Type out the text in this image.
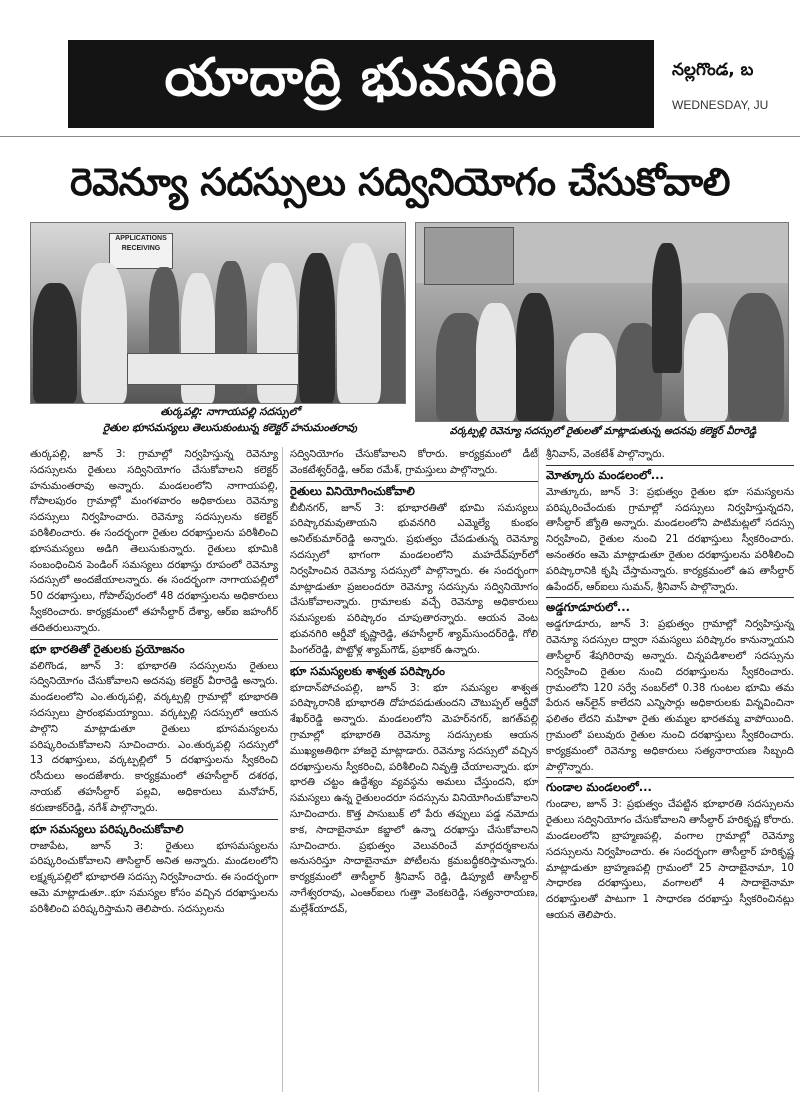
యాదాద్రి భువనగిరి	నల్లగొండ, బ
WEDNESDAY, JU
రెవెన్యూ సదస్సులు సద్వినియోగం చేసుకోవాలి
APPLICATIONS
RECEIVING
తుర్కపల్లి: నాగాయపల్లి సదస్సులో
రైతుల భూసమస్యలు తెలుసుకుంటున్న కలెక్టర్ హనుమంతరావు	వర్కట్పల్లి రెవెన్యూ సదస్సులో రైతులతో మాట్లాడుతున్న అదనపు కలెక్టర్ వీరారెడ్డి

తుర్కపల్లి, జూన్ 3: గ్రామాల్లో నిర్వహిస్తున్న రెవెన్యూ సదస్సులను రైతులు సద్వినియోగం చేసుకోవాలని కలెక్టర్ హనుమంతరావు అన్నారు. మండలంలోని నాగాయపల్లి, గోపాలపురం గ్రామాల్లో మంగళవారం అధికారులు రెవెన్యూ సదస్సులు నిర్వహించారు. రెవెన్యూ సదస్సులను కలెక్టర్ పరిశీలించారు. ఈ సందర్భంగా రైతుల దరఖాస్తులను పరిశీలించి భూసమస్యలు అడిగి తెలుసుకున్నారు. రైతులు భూమికి సంబంధించిన పెండింగ్ సమస్యలు దరఖాస్తు రూపంలో రెవెన్యూ సదస్సులో అందజేయాలన్నారు. ఈ సందర్భంగా నాగాయపల్లిలో 50 దరఖాస్తులు, గోపాల్‌పురంలో 48 దరఖాస్తులను అధికారులు స్వీకరించారు. కార్యక్రమంలో తహసీల్దార్ దేశ్యా, ఆర్ఐ జహంగీర్ తదితరులున్నారు.

భూ భారతితో రైతులకు ప్రయోజనం

వలిగొండ, జూన్ 3: భూభారతి సదస్సులను రైతులు సద్వినియోగం చేసుకోవాలని అదనపు కలెక్టర్ వీరారెడ్డి అన్నారు. మండలంలోని ఎం.తుర్కపల్లి, వర్కట్పల్లి గ్రామాల్లో భూభారతి సదస్సులు ప్రారంభమయ్యాయి. వర్కట్పల్లి సదస్సులో ఆయన పాల్గొని మాట్లాడుతూ రైతులు భూసమస్యలను పరిష్కరించుకోవాలని సూచించారు. ఎం.తుర్కపల్లి సదస్సులో 13 దరఖాస్తులు, వర్కట్పల్లిలో 5 దరఖాస్తులను స్వీకరించి రసీదులు అందజేశారు. కార్యక్రమంలో తహసీల్దార్ దశరథ, నాయబ్ తహసీల్దార్ పల్లవి, అధికారులు మనోహర్, కరుణాకర్‌రెడ్డి, నగేశ్ పాల్గొన్నారు.

భూ సమస్యలు పరిష్కరించుకోవాలి

రాజాపేట, జూన్ 3: రైతులు భూసమస్యలను పరిష్కరించుకోవాలని తాసిల్దార్ అనిత అన్నారు. మండలంలోని లక్ష్మక్కపల్లిలో భూభారతి సదస్సు నిర్వహించారు. ఈ సందర్భంగా ఆమె మాట్లాడుతూ..భూ సమస్యల కోసం వచ్చిన దరఖాస్తులను పరిశీలించి పరిష్కరిస్తామని తెలిపారు. సదస్సులను

సద్వినియోగం చేసుకోవాలని కోరారు. కార్యక్రమంలో డీటీ వెంకటేశ్వర్‌రెడ్డి, ఆర్ఐ రమేశ్, గ్రామస్తులు పాల్గొన్నారు.

రైతులు వినియోగించుకోవాలి

బీబీనగర్, జూన్ 3: భూభారతితో భూమి సమస్యలు పరిష్కారమవుతాయని భువనగిరి ఎమ్మెల్యే కుంభం అనిల్‌కుమార్‌రెడ్డి అన్నారు. ప్రభుత్వం చేపడుతున్న రెవెన్యూ సదస్సులో భాగంగా మండలంలోని మహదేవ్‌పూర్‌లో నిర్వహించిన రెవెన్యూ సదస్సులో పాల్గొన్నారు. ఈ సందర్భంగా మాట్లాడుతూ ప్రజలందరూ రెవెన్యూ సదస్సును సద్వినియోగం చేసుకోవాలన్నారు. గ్రామాలకు వచ్చే రెవెన్యూ అధికారులు సమస్యలకు పరిష్కారం చూపుతారన్నారు. ఆయన వెంట భువనగిరి ఆర్డీవో కృష్ణారెడ్డి, తహసీల్దార్ శ్యామ్‌సుందర్‌రెడ్డి, గోలి పింగల్‌రెడ్డి, పొట్టోళ్ల శ్యామ్‌గౌడ్, ప్రభాకర్ ఉన్నారు.

భూ సమస్యలకు శాశ్వత పరిష్కారం

భూదాన్‌పోచంపల్లి, జూన్ 3: భూ సమస్యల శాశ్వత పరిష్కారానికి భూభారతి దోహదపడుతుందని చౌటుప్పల్ ఆర్డీవో శేఖర్‌రెడ్డి అన్నారు. మండలంలోని మెహర్‌నగర్, జగత్‌పల్లి గ్రామాల్లో భూభారతి రెవెన్యూ సదస్సులకు ఆయన ముఖ్యఅతిథిగా హాజరై మాట్లాడారు. రెవెన్యూ సదస్సులో వచ్చిన దరఖాస్తులను స్వీకరించి, పరిశీలించి నివృత్తి చేయాలన్నారు. భూ భారతి చట్టం ఉద్దేశ్యం వ్యవస్థను అమలు చేస్తుందని, భూ సమస్యలు ఉన్న రైతులందరూ సదస్సును వినియోగించుకోవాలని సూచించారు. కొత్త పాసుబుక్ లో పేరు తప్పులు పడ్డ నమోదు కాక, సాదాబైనామా కబ్జాలో ఉన్నా దరఖాస్తు చేసుకోవాలని సూచించారు. ప్రభుత్వం వెలువరించే మార్గదర్శకాలను అనుసరిస్తూ సాదాబైనామా పోటీలను క్రమబద్ధీకరిస్తామన్నారు. కార్యక్రమంలో తాసీల్దార్ శ్రీనివాస్ రెడ్డి, డిప్యూటీ తాసీల్దార్ నాగేశ్వరరావు, ఎంఆర్ఐలు గుత్తా వెంకటరెడ్డి, సత్యనారాయణ, మల్లేశ్‌యాదవ్,

శ్రీనివాస్, వెంకటేశ్ పాల్గొన్నారు.

మోత్కూరు మండలంలో...

మోత్కూరు, జూన్ 3: ప్రభుత్వం రైతుల భూ సమస్యలను పరిష్కరించేందుకు గ్రామాల్లో సదస్సులు నిర్వహిస్తున్నదని, తాసీల్దార్ జ్యోతి అన్నారు. మండలంలోని పాటిమట్లలో సదస్సు నిర్వహించి, రైతుల నుంచి 21 దరఖాస్తులు స్వీకరించారు. అనంతరం ఆమె మాట్లాడుతూ రైతుల దరఖాస్తులను పరిశీలించి పరిష్కారానికి కృషి చేస్తామన్నారు. కార్యక్రమంలో ఉప తాసీల్దార్ ఉపేందర్, ఆర్ఐలు సుమన్, శ్రీనివాస్ పాల్గొన్నారు.

అడ్డగూడూరులో...

అడ్డగూడూరు, జూన్ 3: ప్రభుత్వం గ్రామాల్లో నిర్వహిస్తున్న రెవెన్యూ సదస్సుల ద్వారా సమస్యలు పరిష్కారం కానున్నాయని తాసీల్దార్ శేషగిరిరావు అన్నారు. చిన్నపడిశాలలో సదస్సును నిర్వహించి రైతుల నుంచి దరఖాస్తులను స్వీకరించారు. గ్రామంలోని 120 సర్వే నంబర్‌లో 0.38 గుంటల భూమి తమ పేరున ఆన్‌లైన్ కాలేదని ఎన్నిసార్లు అధికారులకు విన్నవించినా ఫలితం లేదని మహిళా రైతు తుమ్మల భారతమ్మ వాపోయింది. గ్రామంలో పలువురు రైతుల నుంచి దరఖాస్తులు స్వీకరించారు. కార్యక్రమంలో రెవెన్యూ అధికారులు సత్యనారాయణ సిబ్బంది పాల్గొన్నారు.

గుండాల మండలంలో...

గుండాల, జూన్ 3: ప్రభుత్వం చేపట్టిన భూభారతి సదస్సులను రైతులు సద్వినియోగం చేసుకోవాలని తాసీల్దార్ హరికృష్ణ కోరారు. మండలంలోని బ్రాహ్మణపల్లి, వంగాల గ్రామాల్లో రెవెన్యూ సదస్సులను నిర్వహించారు. ఈ సందర్భంగా తాసీల్దార్ హరికృష్ణ మాట్లాడుతూ బ్రాహ్మణపల్లి గ్రామంలో 25 సాదాబైనామా, 10 సాధారణ దరఖాస్తులు, వంగాలలో 4 సాదాబైనామా దరఖాస్తులతో పాటుగా 1 సాధారణ దరఖాస్తు స్వీకరించినట్లు ఆయన తెలిపారు.
